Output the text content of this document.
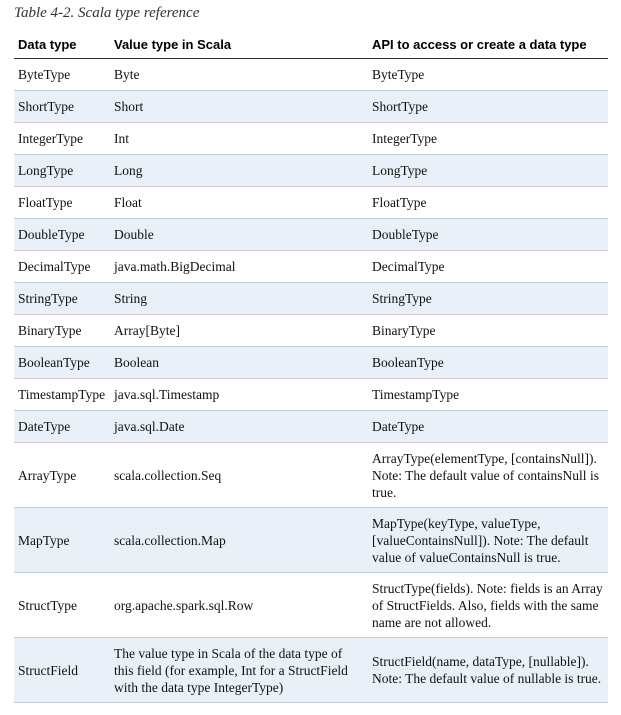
Table 4-2. Scala type reference
Data type	Value type in Scala	API to access or create a data type
ByteType	Byte	ByteType
ShortType	Short	ShortType
IntegerType	Int	IntegerType
LongType	Long	LongType
FloatType	Float	FloatType
DoubleType	Double	DoubleType
DecimalType	java.math.BigDecimal	DecimalType
StringType	String	StringType
BinaryType	Array[Byte]	BinaryType
BooleanType	Boolean	BooleanType
TimestampType	java.sql.Timestamp	TimestampType
DateType	java.sql.Date	DateType
ArrayType	scala.collection.Seq	ArrayType(elementType, [containsNull]). Note: The default value of containsNull is true.
MapType	scala.collection.Map	MapType(keyType, valueType, [valueContainsNull]). Note: The default value of valueContainsNull is true.
StructType	org.apache.spark.sql.Row	StructType(fields). Note: fields is an Array of StructFields. Also, fields with the same name are not allowed.
StructField	The value type in Scala of the data type of this field (for example, Int for a StructField with the data type IntegerType)	StructField(name, dataType, [nullable]). Note: The default value of nullable is true.
